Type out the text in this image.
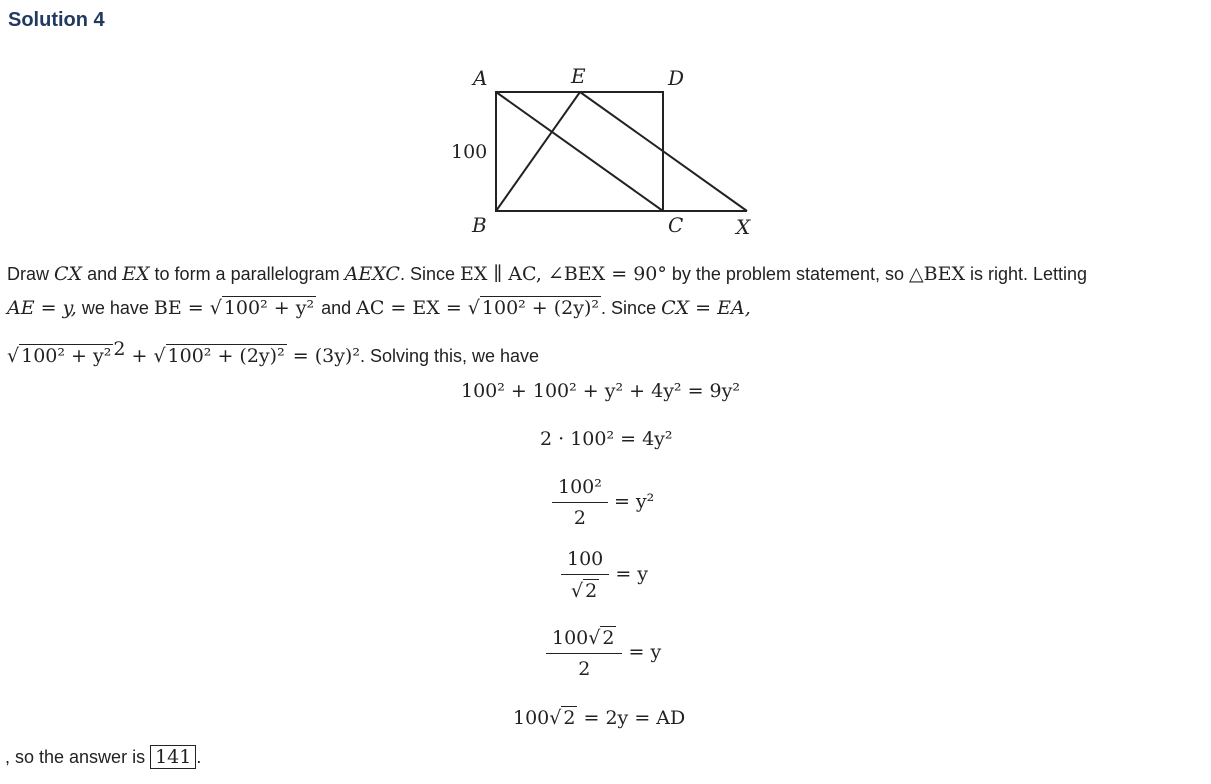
Solution 4
A	E	D
100
B	C	X
Draw CX and EX to form a parallelogram AEXC. Since EX ∥ AC, ∠BEX = 90° by the problem statement, so △BEX is right. Letting
AE = y, we have BE = √ 100² + y² and AC = EX = √ 100² + (2y)² . Since CX = EA,
√ 100² + y² $^2$ + √ 100² + (2y)² = (3y)². Solving this, we have
100² + 100² + y² + 4y² = 9y²
2 · 100² = 4y²
$\frac{\text{100²}}{2} = y^2$
$\frac{100}{√ 2} = y$
$\frac{100√ 2}{2} = y$
100√ 2 = 2y = AD
, so the answer is 141 .
